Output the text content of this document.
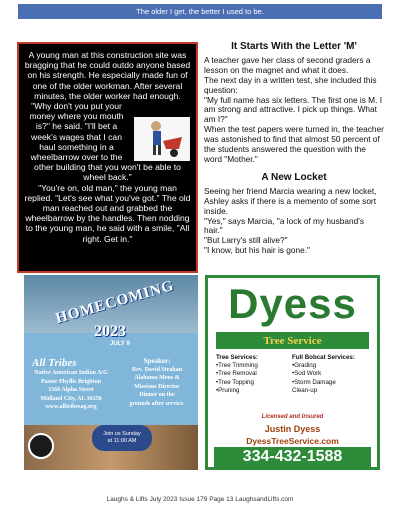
The older I get, the better I used to be.

A young man at this construction site was bragging that he could outdo anyone based on his strength. He especially made fun of one of the older workman. After several minutes, the older worker had enough.

"Why don't you put your money where you mouth is?" he said. "I'll bet a week's wages that I can haul something in a wheelbarrow over to the other building that you won't be able to wheel back."

"You're on, old man," the young man replied. "Let's see what you've got." The old man reached out and grabbed the wheelbarrow by the handles. Then nodding to the young man, he said with a smile, "All right. Get in."

It Starts With the Letter 'M'

A teacher gave her class of second graders a lesson on the magnet and what it does.

The next day in a written test, she included this question:

"My full name has six letters. The first one is M. I am strong and attractive. I pick up things. What am I?"

When the test papers were turned in, the teacher was astonished to find that almost 50 percent of the students answered the question with the word "Mother."

A New Locket

Seeing her friend Marcia wearing a new locket, Ashley asks if there is a memento of some sort inside.

"Yes," says Marcia, "a lock of my husband's hair."

"But Larry's still alive?"

"I know, but his hair is gone."

HOMECOMING
2023
JULY 9
All Tribes
Native American Indian A/G
Pastor Phyllis Brighton
1566 Alpha Street
Midland City, AL 36350
www.alltribesag.org
Speaker:
Rev. David Strahan
Alabama Mens &
Missions Director
Dinner on the
grounds after service.
Join us Sunday
at 11:00 AM
Dyess
Tree Service
Tree Services:
•Tree Trimming
•Tree Removal
•Tree Topping
•Pruning
Full Bobcat Services:
•Grading
•Sod Work
•Storm Damage
Clean-up
Licensed and Insured
Justin Dyess
DyessTreeService.com
334-432-1588
Laughs & Lifts July 2023 Issue 179 Page 13 LaughsandLifts.com
